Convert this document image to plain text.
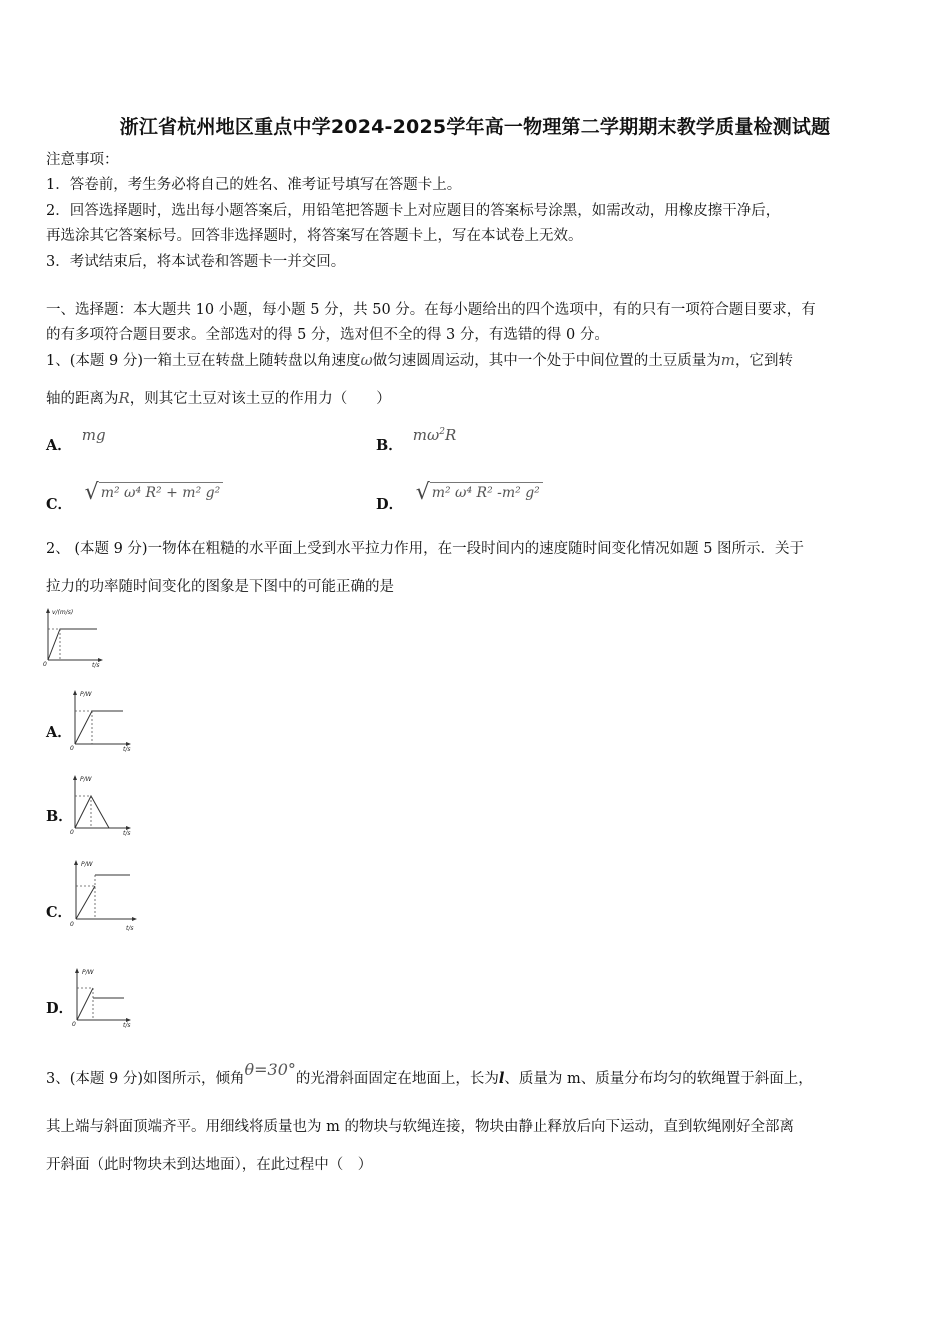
浙江省杭州地区重点中学2024-2025学年高一物理第二学期期末教学质量检测试题
注意事项：
1．答卷前，考生务必将自己的姓名、准考证号填写在答题卡上。
2．回答选择题时，选出每小题答案后，用铅笔把答题卡上对应题目的答案标号涂黑，如需改动，用橡皮擦干净后，
再选涂其它答案标号。回答非选择题时，将答案写在答题卡上，写在本试卷上无效。
3．考试结束后，将本试卷和答题卡一并交回。
一、选择题：本大题共 10 小题，每小题 5 分，共 50 分。在每小题给出的四个选项中，有的只有一项符合题目要求，有
的有多项符合题目要求。全部选对的得 5 分，选对但不全的得 3 分，有选错的得 0 分。
1、(本题 9 分)一箱土豆在转盘上随转盘以角速度ω做匀速圆周运动，其中一个处于中间位置的土豆质量为m，它到转
轴的距离为R，则其它土豆对该土豆的作用力（　　）
A．mg
B．$m\omega^2R$
C． √ m² ω⁴ R² + m² g²
D． √ m² ω⁴ R² -m² g²
2、 (本题 9 分)一物体在粗糙的水平面上受到水平拉力作用，在一段时间内的速度随时间变化情况如题 5 图所示．关于
拉力的功率随时间变化的图象是下图中的可能正确的是
v/(m/s)
t/s
0
A．
P/W
t/s
0
B．
P/W
t/s
0
C．
P/W
t/s
0
D．
P/W
t/s
0
3、(本题 9 分)如图所示，倾角θ=30°的光滑斜面固定在地面上，长为l、质量为 m、质量分布均匀的软绳置于斜面上，
其上端与斜面顶端齐平。用细线将质量也为 m 的物块与软绳连接，物块由静止释放后向下运动，直到软绳刚好全部离
开斜面（此时物块未到达地面），在此过程中（　）
